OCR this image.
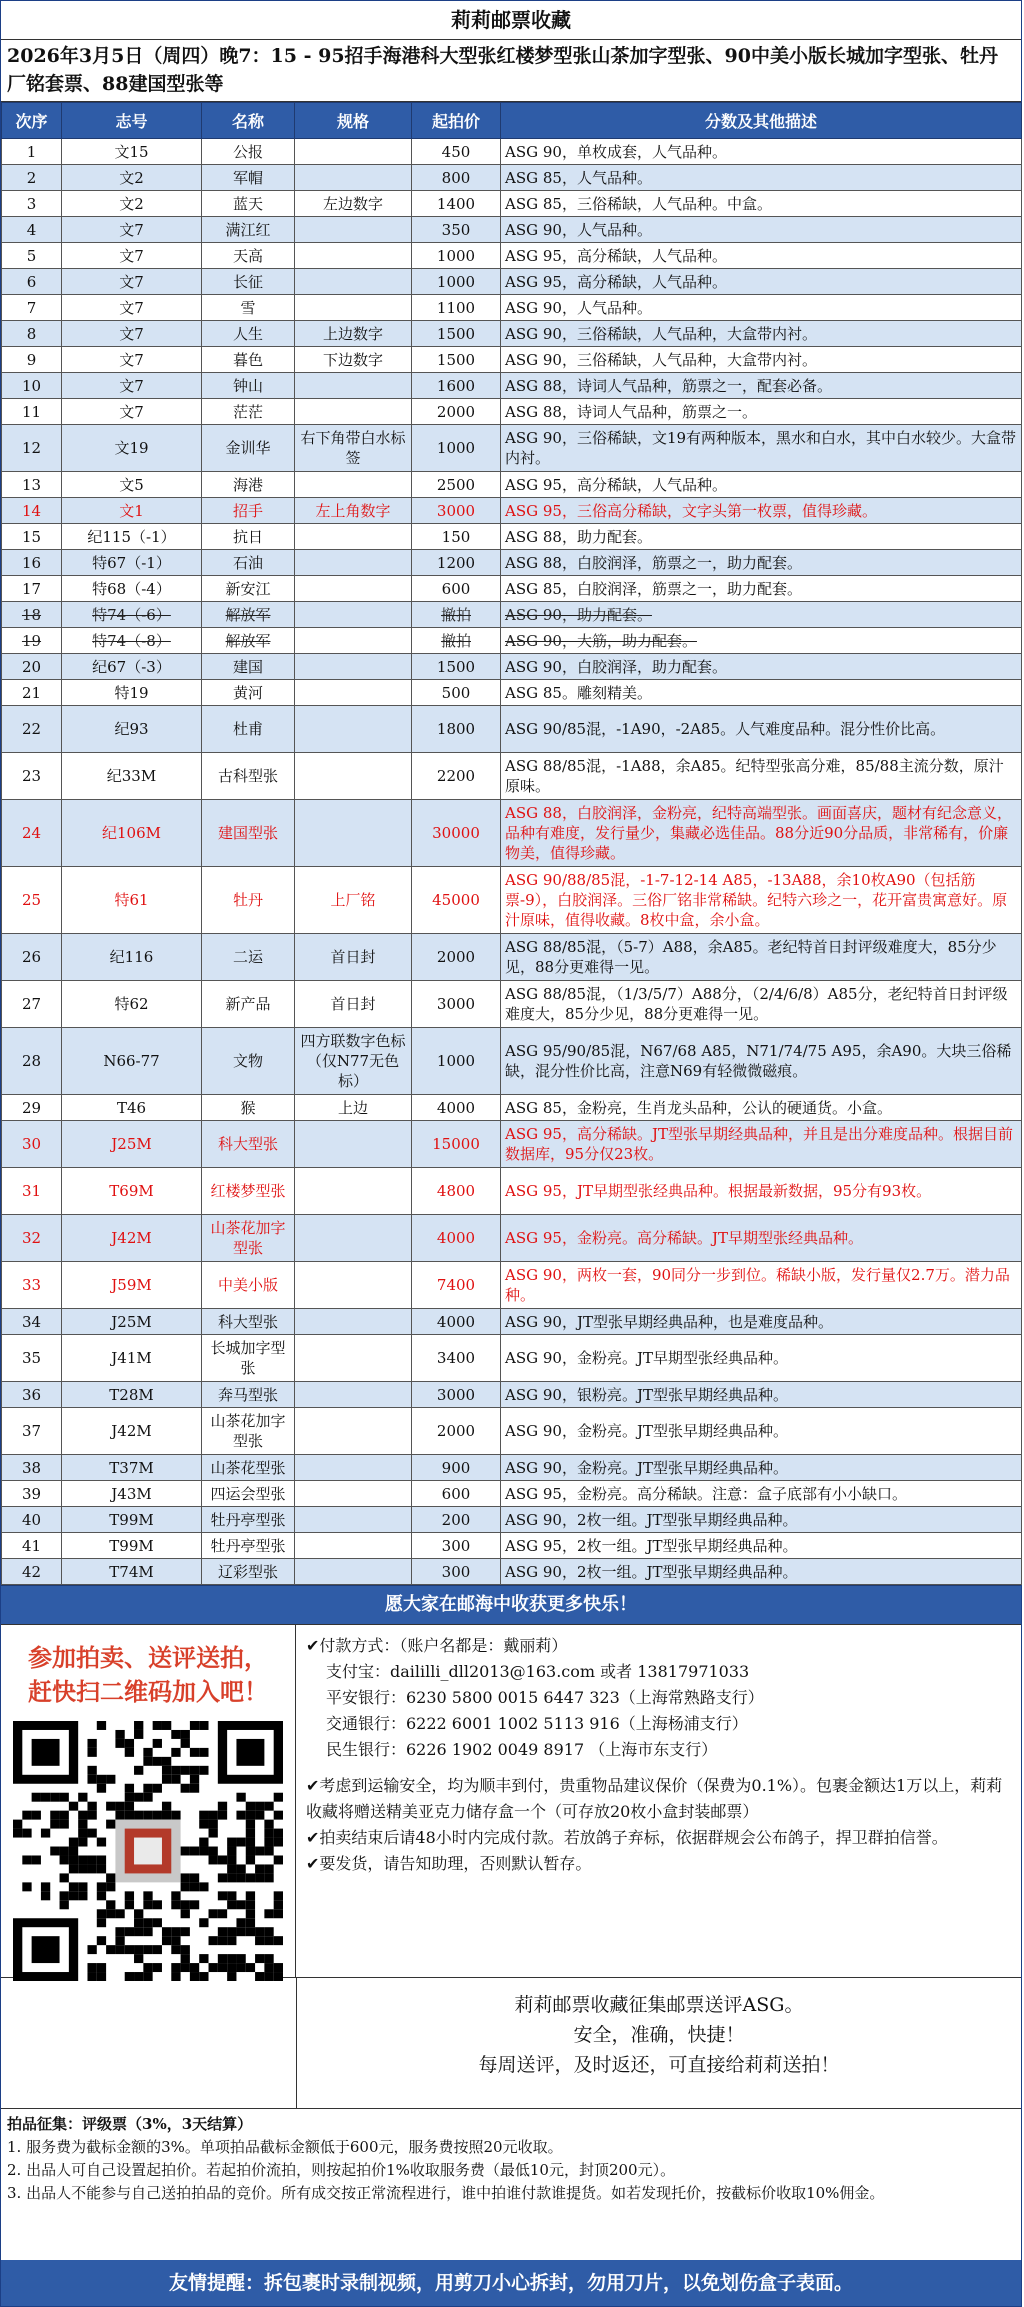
莉莉邮票收藏
2026年3月5日（周四）晚7：15 - 95招手海港科大型张红楼梦型张山茶加字型张、90中美小版长城加字型张、牡丹厂铭套票、88建国型张等
次序	志号	名称	规格	起拍价	分数及其他描述
1	文15	公报		450	ASG 90，单枚成套，人气品种。
2	文2	军帽		800	ASG 85，人气品种。
3	文2	蓝天	左边数字	1400	ASG 85，三俗稀缺，人气品种。中盒。
4	文7	满江红		350	ASG 90，人气品种。
5	文7	天高		1000	ASG 95，高分稀缺，人气品种。
6	文7	长征		1000	ASG 95，高分稀缺，人气品种。
7	文7	雪		1100	ASG 90，人气品种。
8	文7	人生	上边数字	1500	ASG 90，三俗稀缺，人气品种，大盒带内衬。
9	文7	暮色	下边数字	1500	ASG 90，三俗稀缺，人气品种，大盒带内衬。
10	文7	钟山		1600	ASG 88，诗词人气品种，筋票之一，配套必备。
11	文7	茫茫		2000	ASG 88，诗词人气品种，筋票之一。
12	文19	金训华	右下角带白水标签	1000	ASG 90，三俗稀缺，文19有两种版本，黑水和白水，其中白水较少。大盒带内衬。
13	文5	海港		2500	ASG 95，高分稀缺，人气品种。
14	文1	招手	左上角数字	3000	ASG 95，三俗高分稀缺，文字头第一枚票，值得珍藏。
15	纪115（-1）	抗日		150	ASG 88，助力配套。
16	特67（-1）	石油		1200	ASG 88，白胶润泽，筋票之一，助力配套。
17	特68（-4）	新安江		600	ASG 85，白胶润泽，筋票之一，助力配套。
18	特74（-6）	解放军		撤拍	ASG 90，助力配套。
19	特74（-8）	解放军		撤拍	ASG 90，大筋，助力配套。
20	纪67（-3）	建国		1500	ASG 90，白胶润泽，助力配套。
21	特19	黄河		500	ASG 85。雕刻精美。
22	纪93	杜甫		1800	ASG 90/85混，-1A90，-2A85。人气难度品种。混分性价比高。
23	纪33M	古科型张		2200	ASG 88/85混，-1A88，余A85。纪特型张高分难，85/88主流分数，原汁原味。
24	纪106M	建国型张		30000	ASG 88，白胶润泽，金粉亮，纪特高端型张。画面喜庆，题材有纪念意义，品种有难度，发行量少，集藏必选佳品。88分近90分品质，非常稀有，价廉物美，值得珍藏。
25	特61	牡丹	上厂铭	45000	ASG 90/88/85混，-1-7-12-14 A85，-13A88，余10枚A90（包括筋票-9），白胶润泽。三俗厂铭非常稀缺。纪特六珍之一，花开富贵寓意好。原汁原味，值得收藏。8枚中盒，余小盒。
26	纪116	二运	首日封	2000	ASG 88/85混，（5-7）A88，余A85。老纪特首日封评级难度大，85分少见，88分更难得一见。
27	特62	新产品	首日封	3000	ASG 88/85混，（1/3/5/7）A88分，（2/4/6/8）A85分，老纪特首日封评级难度大，85分少见，88分更难得一见。
28	N66-77	文物	四方联数字色标（仅N77无色标）	1000	ASG 95/90/85混，N67/68 A85，N71/74/75 A95，余A90。大块三俗稀缺，混分性价比高，注意N69有轻微微磁痕。
29	T46	猴	上边	4000	ASG 85，金粉亮，生肖龙头品种，公认的硬通货。小盒。
30	J25M	科大型张		15000	ASG 95，高分稀缺。JT型张早期经典品种，并且是出分难度品种。根据目前数据库，95分仅23枚。
31	T69M	红楼梦型张		4800	ASG 95，JT早期型张经典品种。根据最新数据，95分有93枚。
32	J42M	山茶花加字型张		4000	ASG 95，金粉亮。高分稀缺。JT早期型张经典品种。
33	J59M	中美小版		7400	ASG 90，两枚一套，90同分一步到位。稀缺小版，发行量仅2.7万。潜力品种。
34	J25M	科大型张		4000	ASG 90，JT型张早期经典品种，也是难度品种。
35	J41M	长城加字型张		3400	ASG 90，金粉亮。JT早期型张经典品种。
36	T28M	奔马型张		3000	ASG 90，银粉亮。JT型张早期经典品种。
37	J42M	山茶花加字型张		2000	ASG 90，金粉亮。JT型张早期经典品种。
38	T37M	山茶花型张		900	ASG 90，金粉亮。JT型张早期经典品种。
39	J43M	四运会型张		600	ASG 95，金粉亮。高分稀缺。注意：盒子底部有小小缺口。
40	T99M	牡丹亭型张		200	ASG 90，2枚一组。JT型张早期经典品种。
41	T99M	牡丹亭型张		300	ASG 95，2枚一组。JT型张早期经典品种。
42	T74M	辽彩型张		300	ASG 90，2枚一组。JT型张早期经典品种。
愿大家在邮海中收获更多快乐！
参加拍卖、送评送拍，
赶快扫二维码加入吧！
✔付款方式：（账户名都是：戴丽莉）
支付宝：daililli_dll2013@163.com 或者 13817971033
平安银行：6230 5800 0015 6447 323（上海常熟路支行）
交通银行：6222 6001 1002 5113 916（上海杨浦支行）
民生银行：6226 1902 0049 8917 （上海市东支行）
✔考虑到运输安全，均为顺丰到付，贵重物品建议保价（保费为0.1%）。包裹金额达1万以上，莉莉收藏将赠送精美亚克力储存盒一个（可存放20枚小盒封装邮票）
✔拍卖结束后请48小时内完成付款。若放鸽子弃标，依据群规会公布鸽子，捍卫群拍信誉。
✔要发货，请告知助理，否则默认暂存。
莉莉邮票收藏征集邮票送评ASG。
安全，准确，快捷！
每周送评，及时返还，可直接给莉莉送拍！
拍品征集：评级票（3%，3天结算）
1. 服务费为截标金额的3%。单项拍品截标金额低于600元，服务费按照20元收取。
2. 出品人可自己设置起拍价。若起拍价流拍，则按起拍价1%收取服务费（最低10元，封顶200元）。
3. 出品人不能参与自己送拍拍品的竞价。所有成交按正常流程进行，谁中拍谁付款谁提货。如若发现托价，按截标价收取10%佣金。
友情提醒：拆包裹时录制视频，用剪刀小心拆封，勿用刀片，以免划伤盒子表面。
